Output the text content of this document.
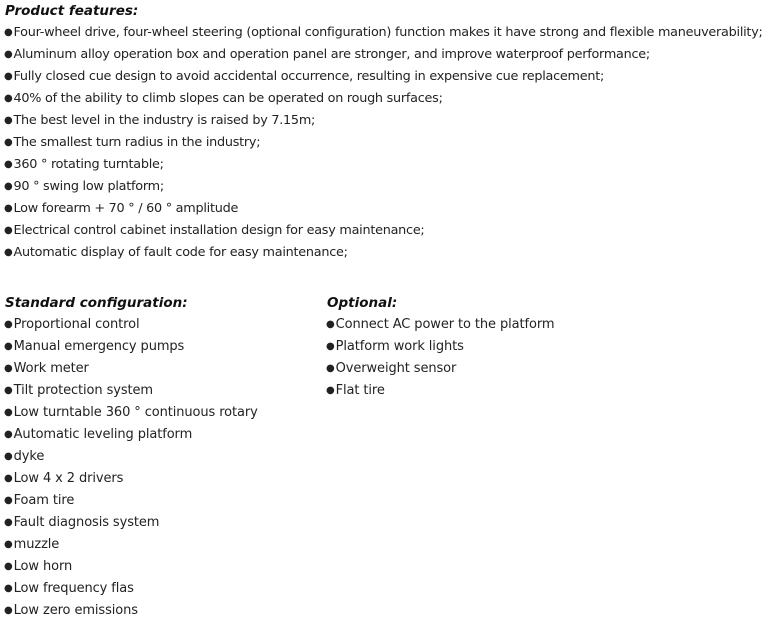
Product features:
●Four-wheel drive, four-wheel steering (optional configuration) function makes it have strong and flexible maneuverability;
●Aluminum alloy operation box and operation panel are stronger, and improve waterproof performance;
●Fully closed cue design to avoid accidental occurrence, resulting in expensive cue replacement;
●40% of the ability to climb slopes can be operated on rough surfaces;
●The best level in the industry is raised by 7.15m;
●The smallest turn radius in the industry;
●360 ° rotating turntable;
●90 ° swing low platform;
●Low forearm + 70 ° / 60 ° amplitude
●Electrical control cabinet installation design for easy maintenance;
●Automatic display of fault code for easy maintenance;
Standard configuration:
●Proportional control
●Manual emergency pumps
●Work meter
●Tilt protection system
●Low turntable 360 ° continuous rotary
●Automatic leveling platform
●dyke
●Low 4 x 2 drivers
●Foam tire
●Fault diagnosis system
●muzzle
●Low horn
●Low frequency flas
●Low zero emissions
Optional:
●Connect AC power to the platform
●Platform work lights
●Overweight sensor
●Flat tire
